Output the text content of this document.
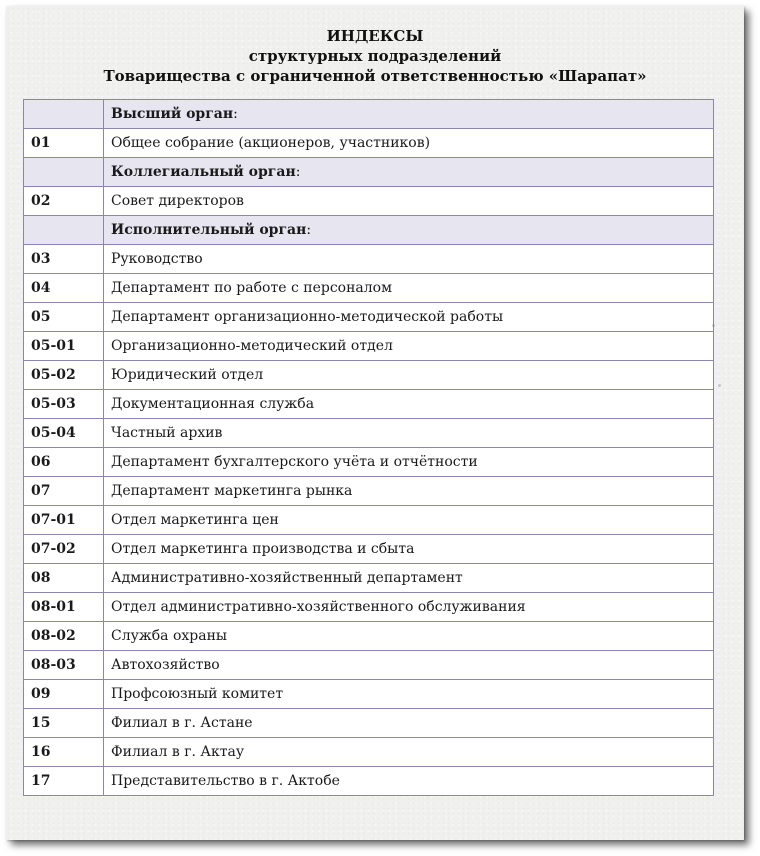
ИНДЕКСЫ
структурных подразделений
Товарищества с ограниченной ответственностью «Шарапат»
	Высший орган:
01	Общее собрание (акционеров, участников)
	Коллегиальный орган:
02	Совет директоров
	Исполнительный орган:
03	Руководство
04	Департамент по работе с персоналом
05	Департамент организационно-методической работы
05-01	Организационно-методический отдел
05-02	Юридический отдел
05-03	Документационная служба
05-04	Частный архив
06	Департамент бухгалтерского учёта и отчётности
07	Департамент маркетинга рынка
07-01	Отдел маркетинга цен
07-02	Отдел маркетинга производства и сбыта
08	Административно-хозяйственный департамент
08-01	Отдел административно-хозяйственного обслуживания
08-02	Служба охраны
08-03	Автохозяйство
09	Профсоюзный комитет
15	Филиал в г. Астане
16	Филиал в г. Актау
17	Представительство в г. Актобе
